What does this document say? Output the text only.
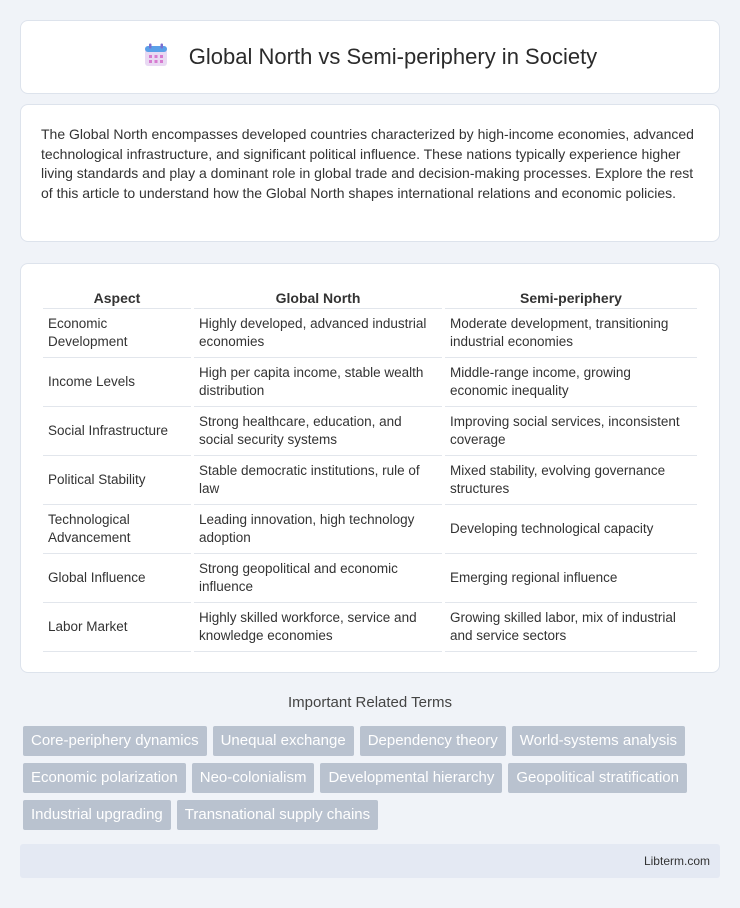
Global North vs Semi-periphery in Society

The Global North encompasses developed countries characterized by high-income economies, advanced technological infrastructure, and significant political influence. These nations typically experience higher living standards and play a dominant role in global trade and decision-making processes. Explore the rest of this article to understand how the Global North shapes international relations and economic policies.

Aspect	Global North	Semi-periphery
Economic Development	Highly developed, advanced industrial economies	Moderate development, transitioning industrial economies
Income Levels	High per capita income, stable wealth distribution	Middle-range income, growing economic inequality
Social Infrastructure	Strong healthcare, education, and social security systems	Improving social services, inconsistent coverage
Political Stability	Stable democratic institutions, rule of law	Mixed stability, evolving governance structures
Technological Advancement	Leading innovation, high technology adoption	Developing technological capacity
Global Influence	Strong geopolitical and economic influence	Emerging regional influence
Labor Market	Highly skilled workforce, service and knowledge economies	Growing skilled labor, mix of industrial and service sectors
Important Related Terms
Core-periphery dynamics	Unequal exchange	Dependency theory	World-systems analysis
Economic polarization	Neo-colonialism	Developmental hierarchy	Geopolitical stratification
Industrial upgrading	Transnational supply chains
Libterm.com
